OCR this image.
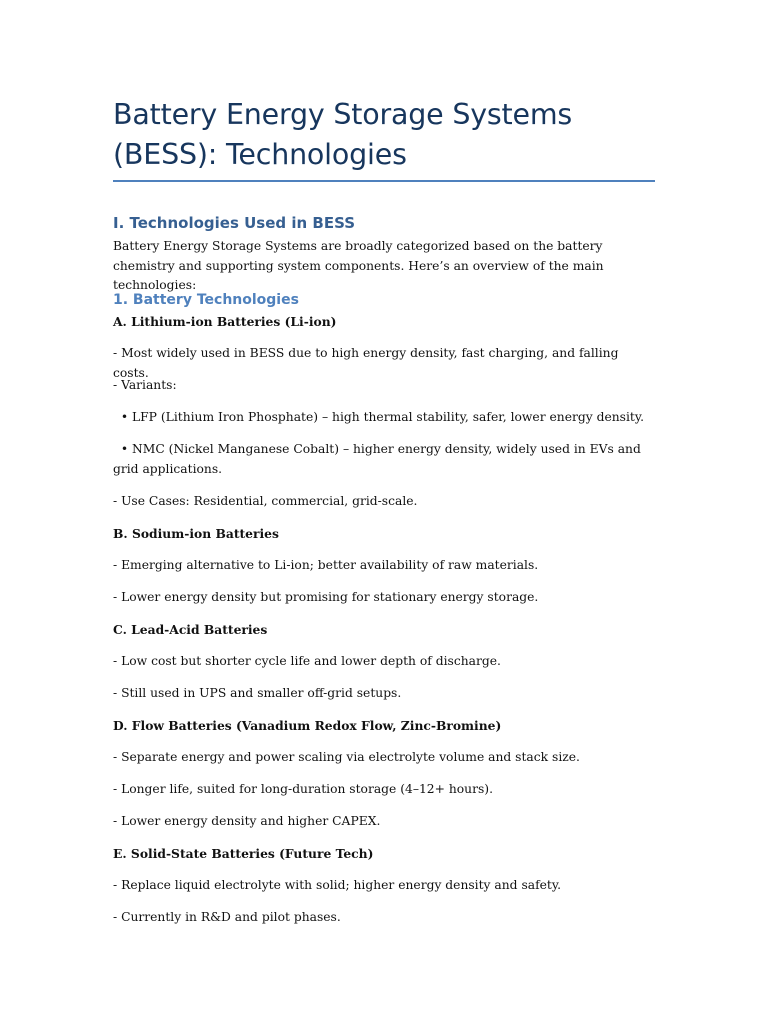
Battery Energy Storage Systems (BESS): Technologies
I. Technologies Used in BESS

Battery Energy Storage Systems are broadly categorized based on the battery chemistry and supporting system components. Here’s an overview of the main technologies:

1. Battery Technologies

A. Lithium-ion Batteries (Li-ion)

- Most widely used in BESS due to high energy density, fast charging, and falling costs.

- Variants:

• LFP (Lithium Iron Phosphate) – high thermal stability, safer, lower energy density.

• NMC (Nickel Manganese Cobalt) – higher energy density, widely used in EVs and grid applications.

- Use Cases: Residential, commercial, grid-scale.

B. Sodium-ion Batteries

- Emerging alternative to Li-ion; better availability of raw materials.

- Lower energy density but promising for stationary energy storage.

C. Lead-Acid Batteries

- Low cost but shorter cycle life and lower depth of discharge.

- Still used in UPS and smaller off-grid setups.

D. Flow Batteries (Vanadium Redox Flow, Zinc-Bromine)

- Separate energy and power scaling via electrolyte volume and stack size.

- Longer life, suited for long-duration storage (4–12+ hours).

- Lower energy density and higher CAPEX.

E. Solid-State Batteries (Future Tech)

- Replace liquid electrolyte with solid; higher energy density and safety.

- Currently in R&D and pilot phases.
